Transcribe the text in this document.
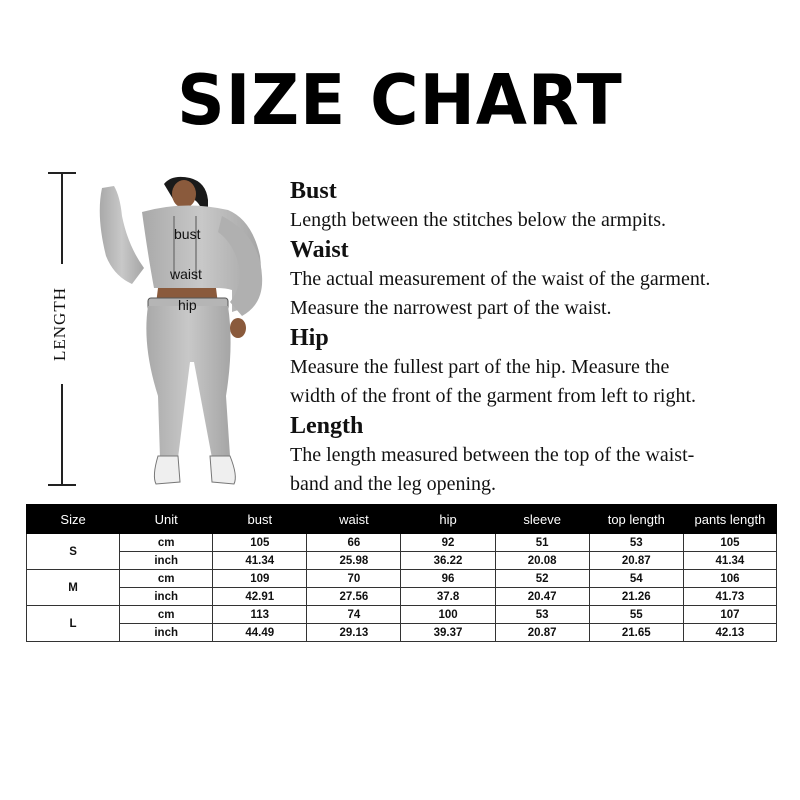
SIZE CHART
LENGTH
bust
waist
hip
Bust
Length between the stitches below the armpits.
Waist
The actual measurement of the waist of the garment.
Measure the narrowest part of the waist.
Hip
Measure the fullest part of the hip. Measure the
width of the front of the garment from left to right.
Length
The length measured between the top of the waist-
band and the leg opening.
Size	Unit	bust	waist	hip	sleeve	top length	pants length
S	cm	105	66	92	51	53	105
	inch	41.34	25.98	36.22	20.08	20.87	41.34
M	cm	109	70	96	52	54	106
	inch	42.91	27.56	37.8	20.47	21.26	41.73
L	cm	113	74	100	53	55	107
	inch	44.49	29.13	39.37	20.87	21.65	42.13
